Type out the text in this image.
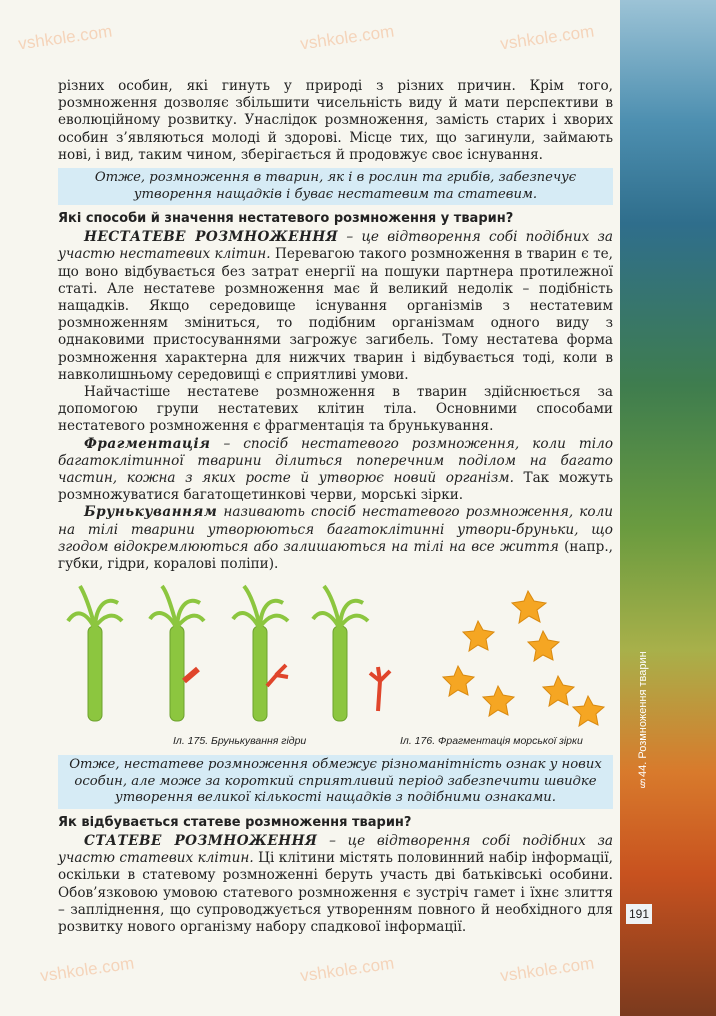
vshkole.com	vshkole.com	vshkole.com
vshkole.com	vshkole.com	vshkole.com
§44. Розмноження тварин
191

різних особин, які гинуть у природі з різних причин. Крім того, розмноження дозволяє збільшити чисельність виду й мати перспективи в еволюційному розвитку. Унаслідок розмноження, замість старих і хворих особин з’являються молоді й здорові. Місце тих, що загинули, займають нові, і вид, таким чином, зберігається й продовжує своє існування.

Отже, розмноження в тварин, як і в рослин та грибів, забезпечує утворення нащадків і буває нестатевим та статевим.
Які способи й значення нестатевого розмноження у тварин?

НЕСТАТЕВЕ РОЗМНОЖЕННЯ – це відтворення собі подібних за участю нестатевих клітин. Перевагою такого розмноження в тварин є те, що воно відбувається без затрат енергії на пошуки партнера протилежної статі. Але нестатеве розмноження має й великий недолік – подібність нащадків. Якщо середовище існування організмів з нестатевим розмноженням зміниться, то подібним організмам одного виду з однаковими пристосуваннями загрожує загибель. Тому нестатева форма розмноження характерна для нижчих тварин і відбувається тоді, коли в навколишньому середовищі є сприятливі умови.

Найчастіше нестатеве розмноження в тварин здійснюється за допомогою групи нестатевих клітин тіла. Основними способами нестатевого розмноження є фрагментація та брунькування.

Фрагментація – спосіб нестатевого розмноження, коли тіло багатоклітинної тварини ділиться поперечним поділом на багато частин, кожна з яких росте й утворює новий організм. Так можуть розмножуватися багатощетинкові черви, морські зірки.

Брунькуванням називають спосіб нестатевого розмноження, коли на тілі тварини утворюються багатоклітинні утвори-бруньки, що згодом відокремлюються або залишаються на тілі на все життя (напр., губки, гідри, коралові поліпи).

Іл. 175. Брунькування гідри	Іл. 176. Фрагментація морської зірки
Отже, нестатеве розмноження обмежує різноманітність ознак у нових особин, але може за короткий сприятливий період забезпечити швидке утворення великої кількості нащадків з подібними ознаками.
Як відбувається статеве розмноження тварин?

СТАТЕВЕ РОЗМНОЖЕННЯ – це відтворення собі подібних за участю статевих клітин. Ці клітини містять половинний набір інформації, оскільки в статевому розмноженні беруть участь дві батьківські особини. Обов’язковою умовою статевого розмноження є зустріч гамет і їхнє злиття – запліднення, що супроводжується утворенням повного й необхідного для розвитку нового організму набору спадкової інформації.
